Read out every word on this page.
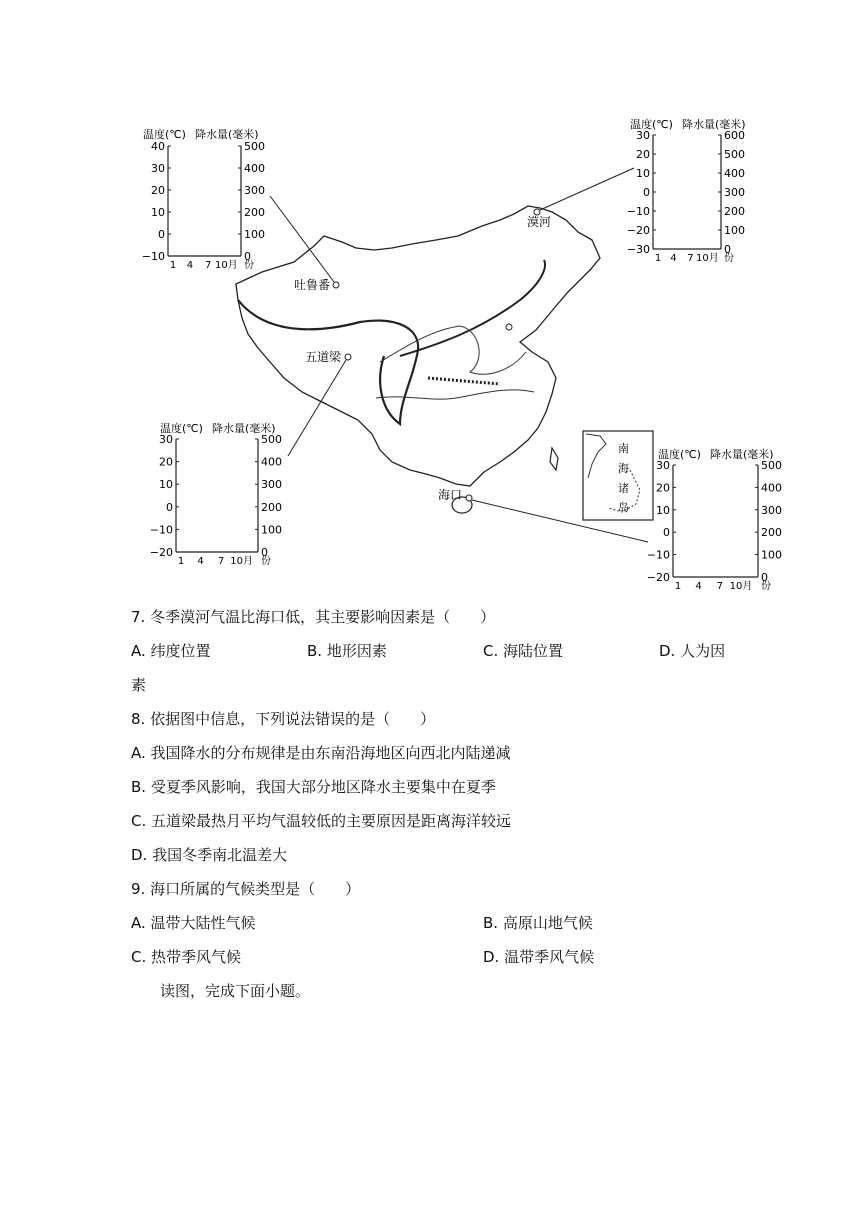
吐鲁番
漠河
五道梁
海口
南
海
诸
岛
温度(℃) 降水量(毫米)
40
30
20
10
0
−10
500
400
300
200
100
0
1 4 7 10月 份
温度(℃) 降水量(毫米)
30
20
10
0
−10
−20
−30
600
500
400
300
200
100
0
1 4 7 10月 份
温度(℃) 降水量(毫米)
30
20
10
0
−10
−20
500
400
300
200
100
0
1 4 7 10月 份
温度(℃) 降水量(毫米)
30
20
10
0
−10
−20
500
400
300
200
100
0
1 4 7 10月 份
7. 冬季漠河气温比海口低，其主要影响因素是（　　）
A. 纬度位置	B. 地形因素	C. 海陆位置	D. 人为因
素
8. 依据图中信息，下列说法错误的是（　　）
A. 我国降水的分布规律是由东南沿海地区向西北内陆递减
B. 受夏季风影响，我国大部分地区降水主要集中在夏季
C. 五道梁最热月平均气温较低的主要原因是距离海洋较远
D. 我国冬季南北温差大
9. 海口所属的气候类型是（　　）
A. 温带大陆性气候	B. 高原山地气候
C. 热带季风气候	D. 温带季风气候
读图，完成下面小题。
